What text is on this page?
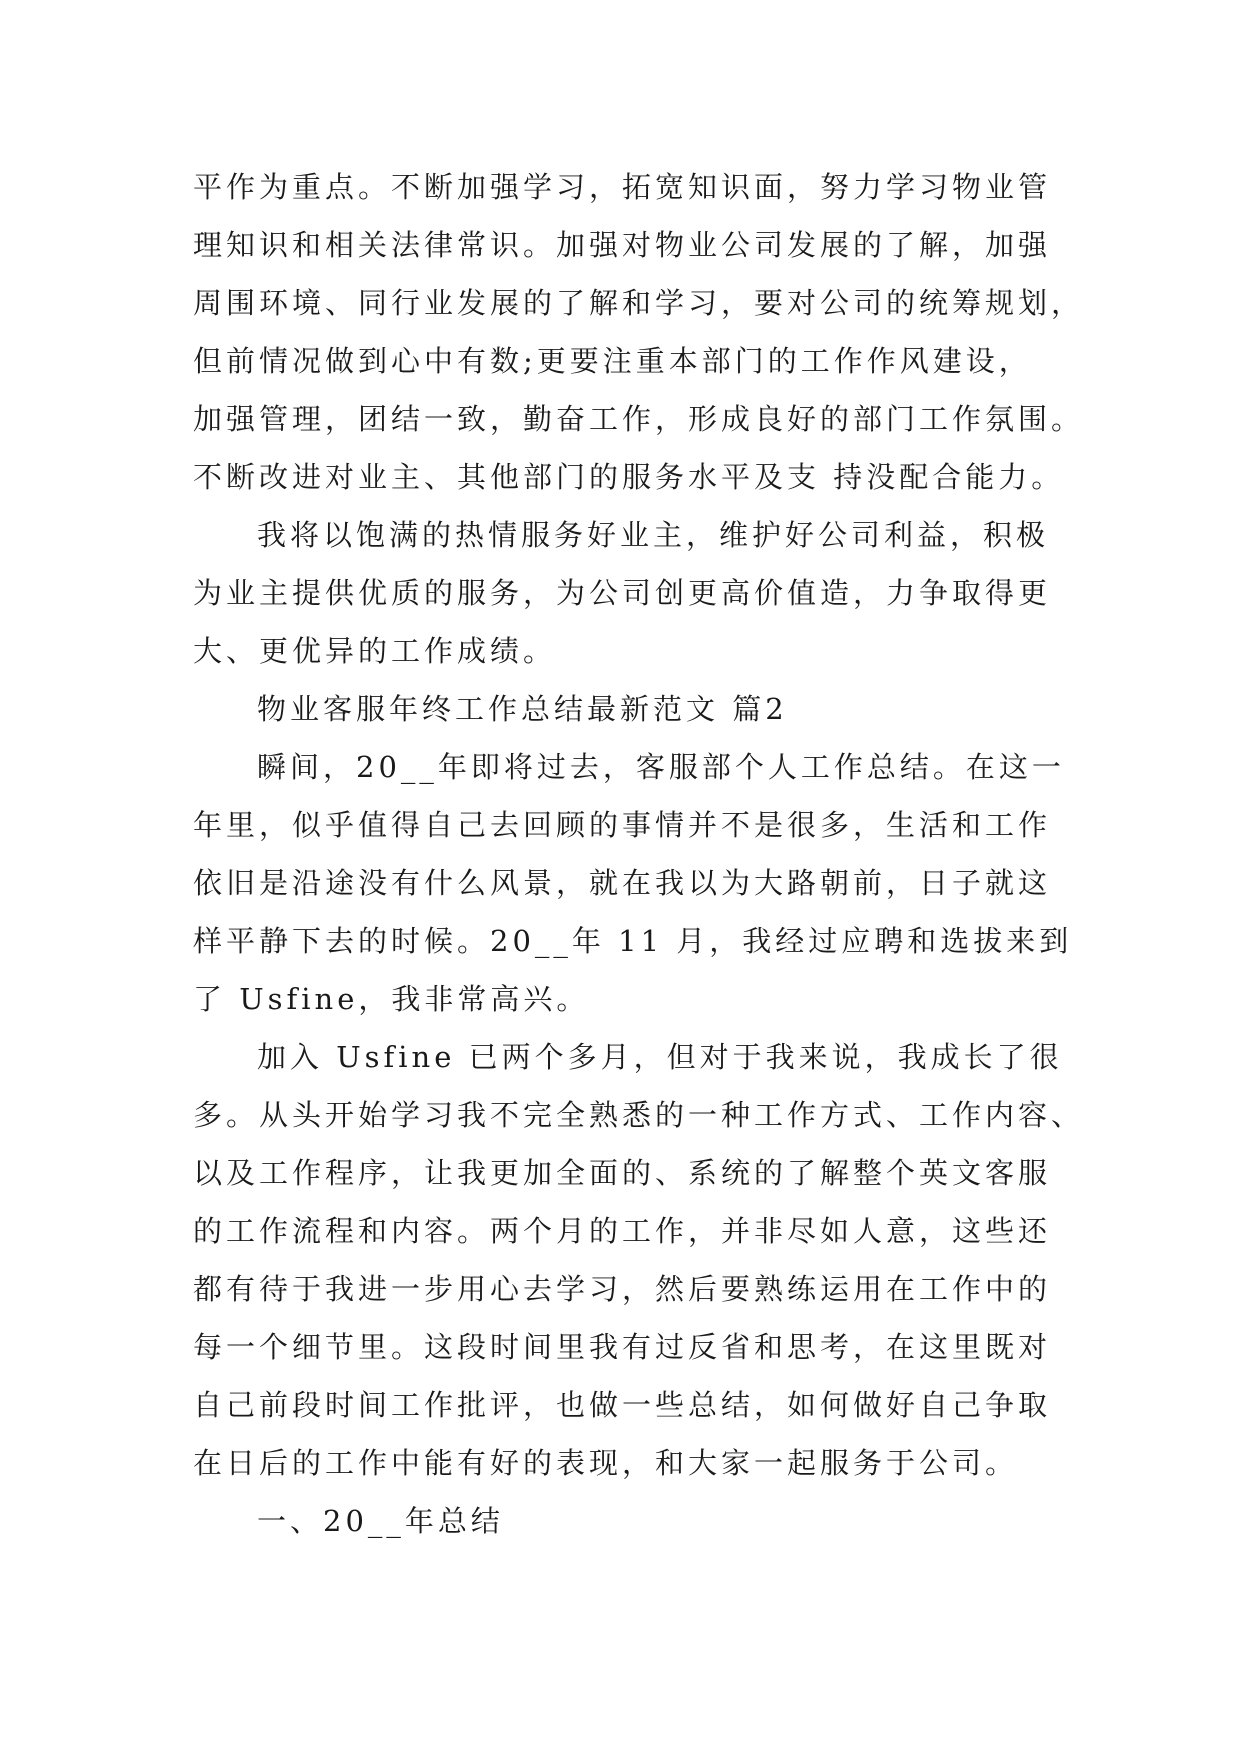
平作为重点。不断加强学习，拓宽知识面，努力学习物业管
理知识和相关法律常识。加强对物业公司发展的了解，加强
周围环境、同行业发展的了解和学习，要对公司的统筹规划，
但前情况做到心中有数;更要注重本部门的工作作风建设，
加强管理，团结一致，勤奋工作，形成良好的部门工作氛围。
不断改进对业主、其他部门的服务水平及支 持没配合能力。
我将以饱满的热情服务好业主，维护好公司利益，积极
为业主提供优质的服务，为公司创更高价值造，力争取得更
大、更优异的工作成绩。
物业客服年终工作总结最新范文 篇2
瞬间，20__年即将过去，客服部个人工作总结。在这一
年里，似乎值得自己去回顾的事情并不是很多，生活和工作
依旧是沿途没有什么风景，就在我以为大路朝前，日子就这
样平静下去的时候。20__年 11 月，我经过应聘和选拔来到
了 Usfine，我非常高兴。
加入 Usfine 已两个多月，但对于我来说，我成长了很
多。从头开始学习我不完全熟悉的一种工作方式、工作内容、
以及工作程序，让我更加全面的、系统的了解整个英文客服
的工作流程和内容。两个月的工作，并非尽如人意，这些还
都有待于我进一步用心去学习，然后要熟练运用在工作中的
每一个细节里。这段时间里我有过反省和思考，在这里既对
自己前段时间工作批评，也做一些总结，如何做好自己争取
在日后的工作中能有好的表现，和大家一起服务于公司。
一、20__年总结
